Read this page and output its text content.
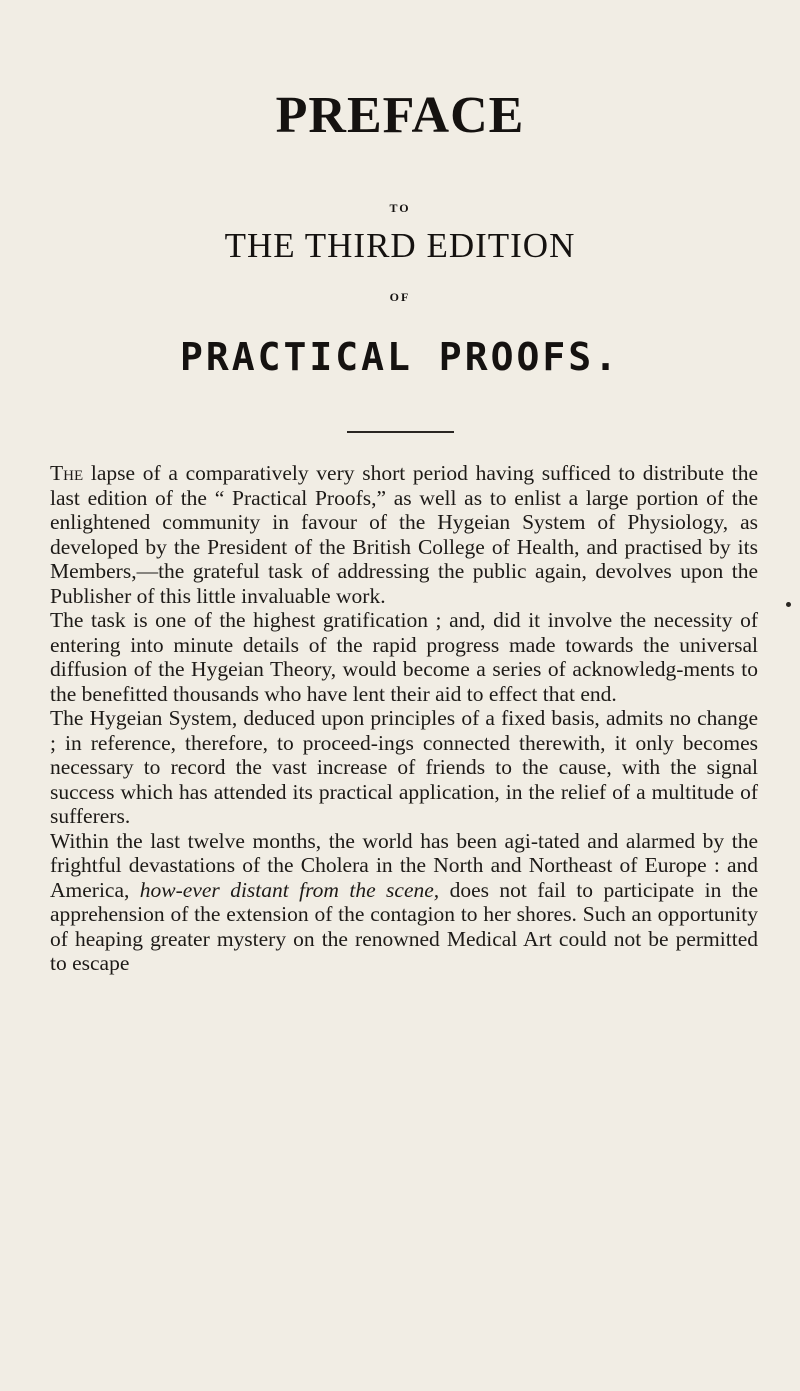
PREFACE
TO
THE THIRD EDITION
OF
PRACTICAL PROOFS.

The lapse of a comparatively very short period having sufficed to distribute the last edition of the “ Practical Proofs,” as well as to enlist a large portion of the enlightened community in favour of the Hygeian System of Physiology, as developed by the President of the British College of Health, and practised by its Members,—the grateful task of addressing the public again, devolves upon the Publisher of this little invaluable work.

The task is one of the highest gratification ; and, did it involve the necessity of entering into minute details of the rapid progress made towards the universal diffusion of the Hygeian Theory, would become a series of acknowledg-ments to the benefitted thousands who have lent their aid to effect that end.

The Hygeian System, deduced upon principles of a fixed basis, admits no change ; in reference, therefore, to proceed-ings connected therewith, it only becomes necessary to record the vast increase of friends to the cause, with the signal success which has attended its practical application, in the relief of a multitude of sufferers.

Within the last twelve months, the world has been agi-tated and alarmed by the frightful devastations of the Cholera in the North and Northeast of Europe : and America, how-ever distant from the scene, does not fail to participate in the apprehension of the extension of the contagion to her shores. Such an opportunity of heaping greater mystery on the renowned Medical Art could not be permitted to escape
